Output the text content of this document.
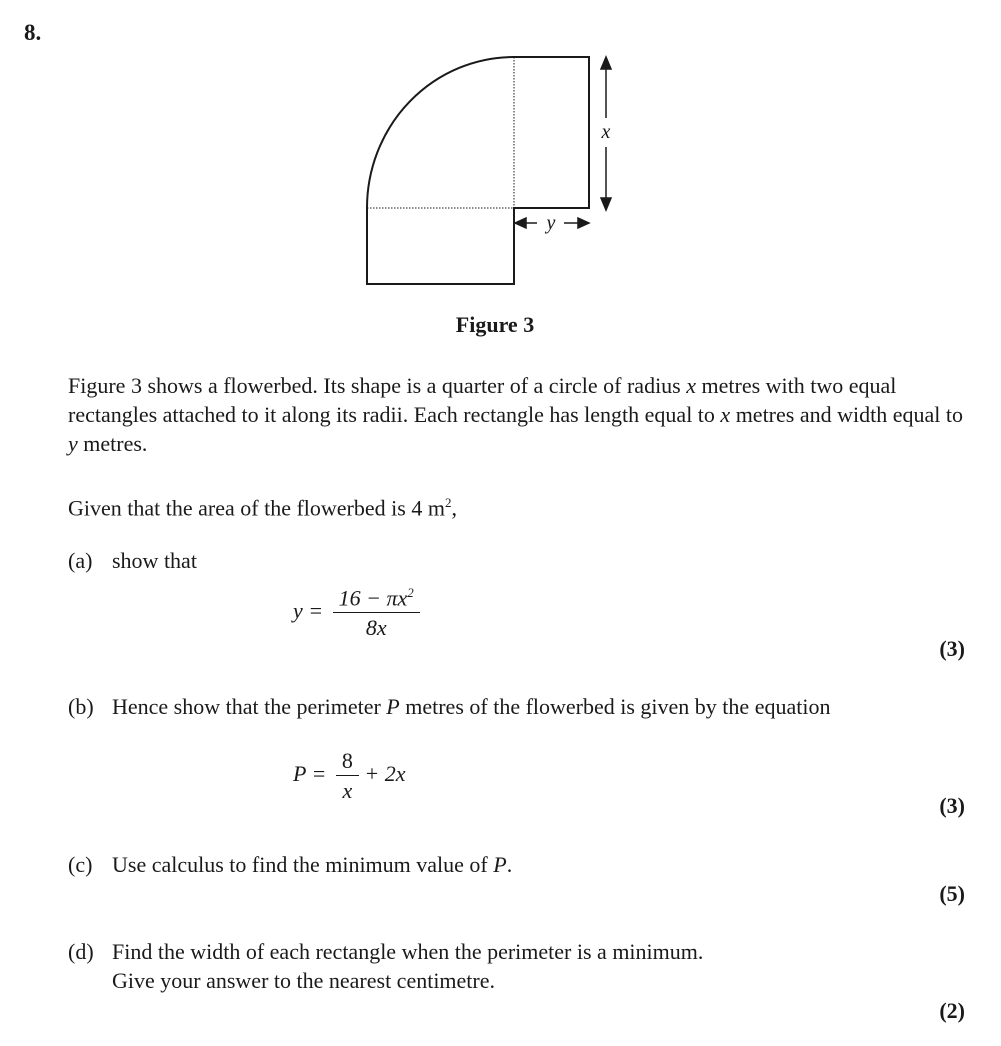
8.
x
y
Figure 3
Figure 3 shows a flowerbed. Its shape is a quarter of a circle of radius x metres with two equal rectangles attached to it along its radii. Each rectangle has length equal to x metres and width equal to y metres.
Given that the area of the flowerbed is 4 $m^2$,
(a) show that
$y = \frac{16 - \pi x^2}{8x}$
(3)
(b) Hence show that the perimeter P metres of the flowerbed is given by the equation
$P = \frac{8}{x} + 2x$
(3)
(c) Use calculus to find the minimum value of P.
(5)
(d) Find the width of each rectangle when the perimeter is a minimum.
Give your answer to the nearest centimetre.
(2)
